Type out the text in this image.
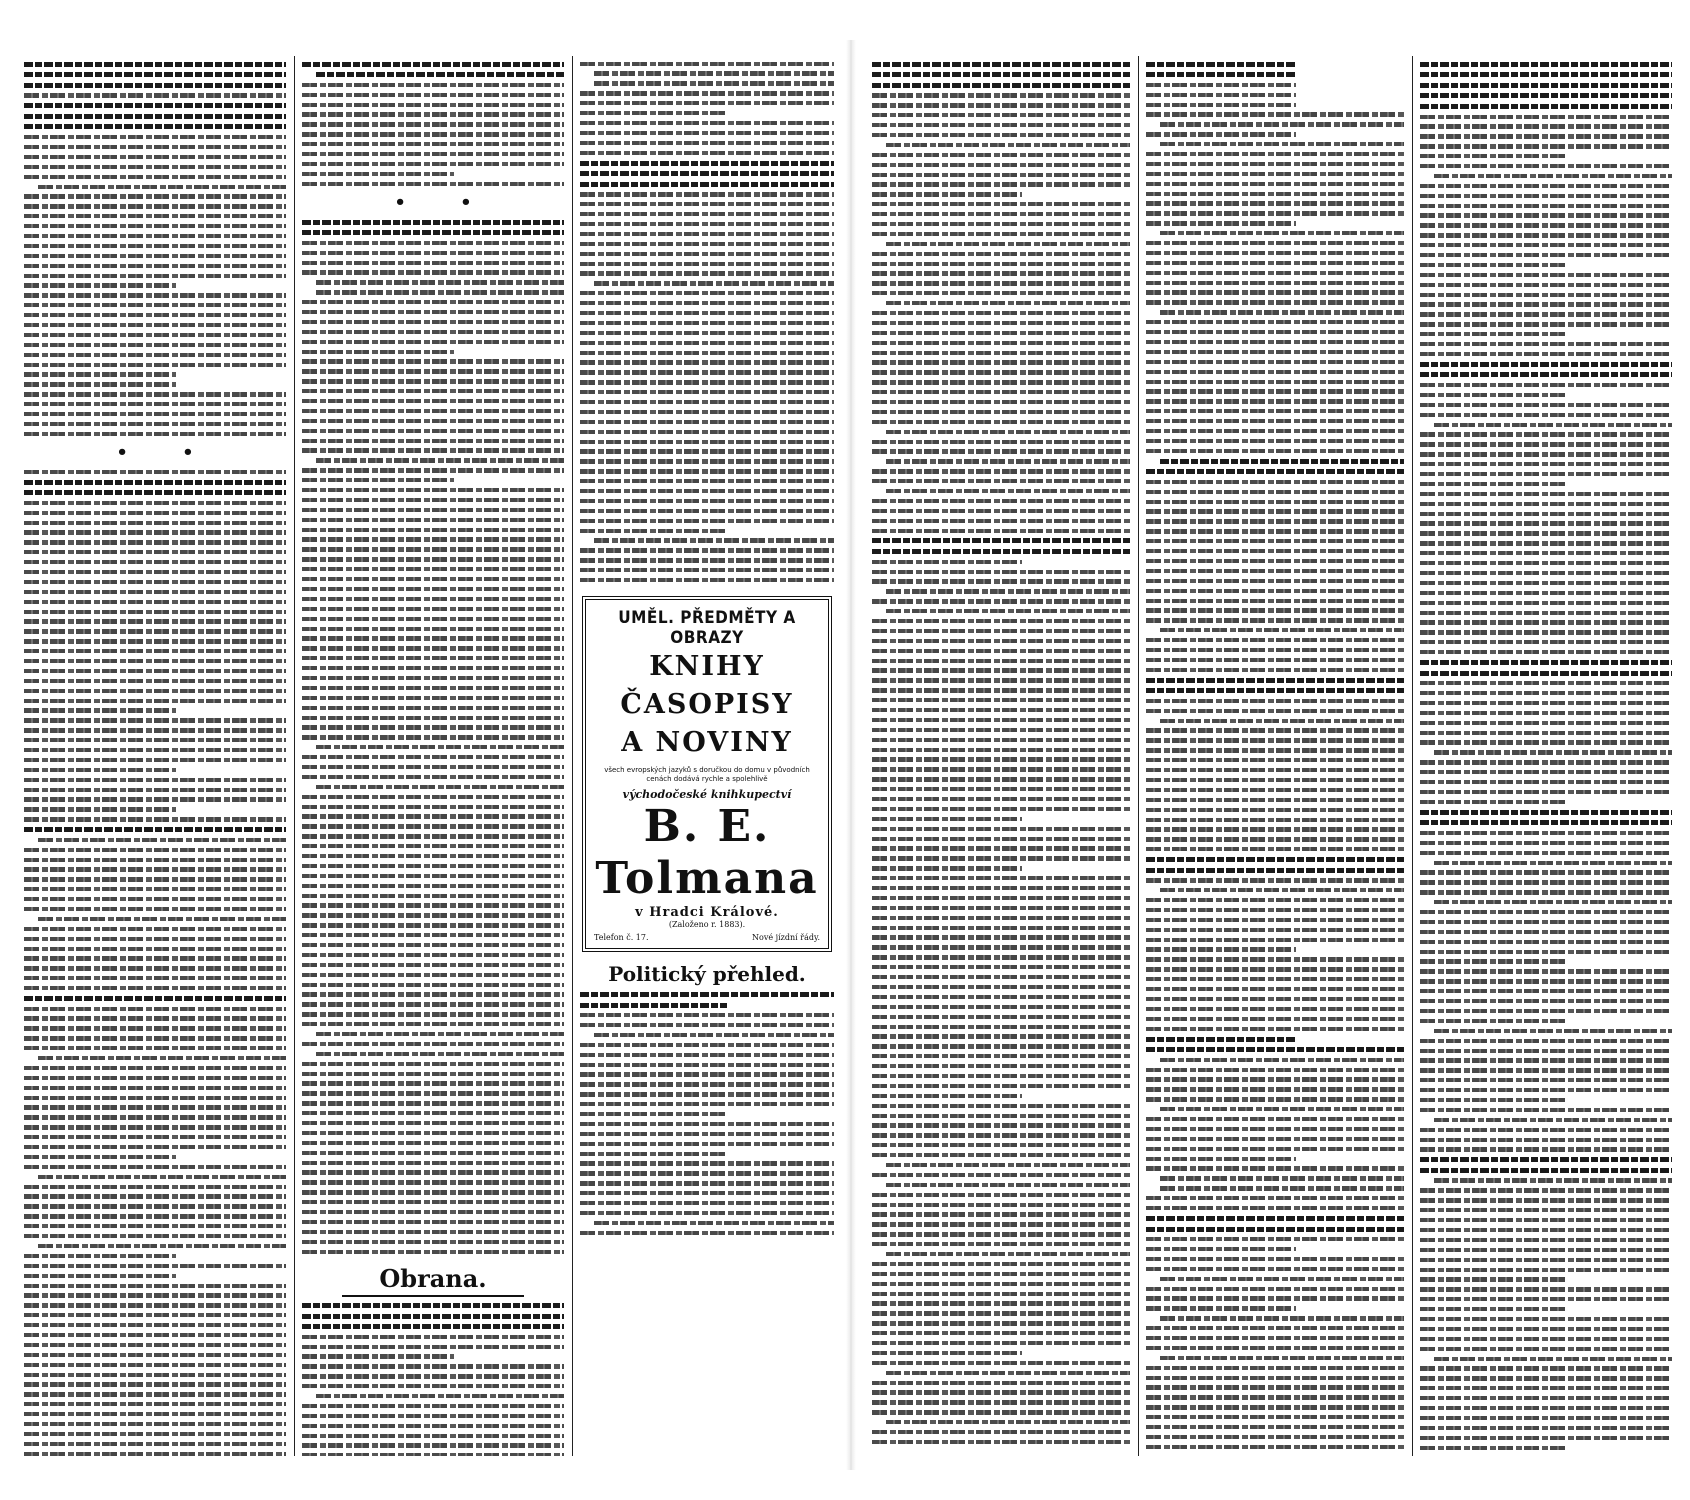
• •
• •
Obrana.
UMĚL. PŘEDMĚTY A OBRAZY
KNIHY
ČASOPISY
A NOVINY
všech evropských jazyků s doručkou do domu v původních cenách dodává rychle a spolehlivě
východočeské knihkupectví
B. E. Tolmana
v Hradci Králové.
(Založeno r. 1883).
Telefon č. 17.	Nové jízdní řády.
Politický přehled.
